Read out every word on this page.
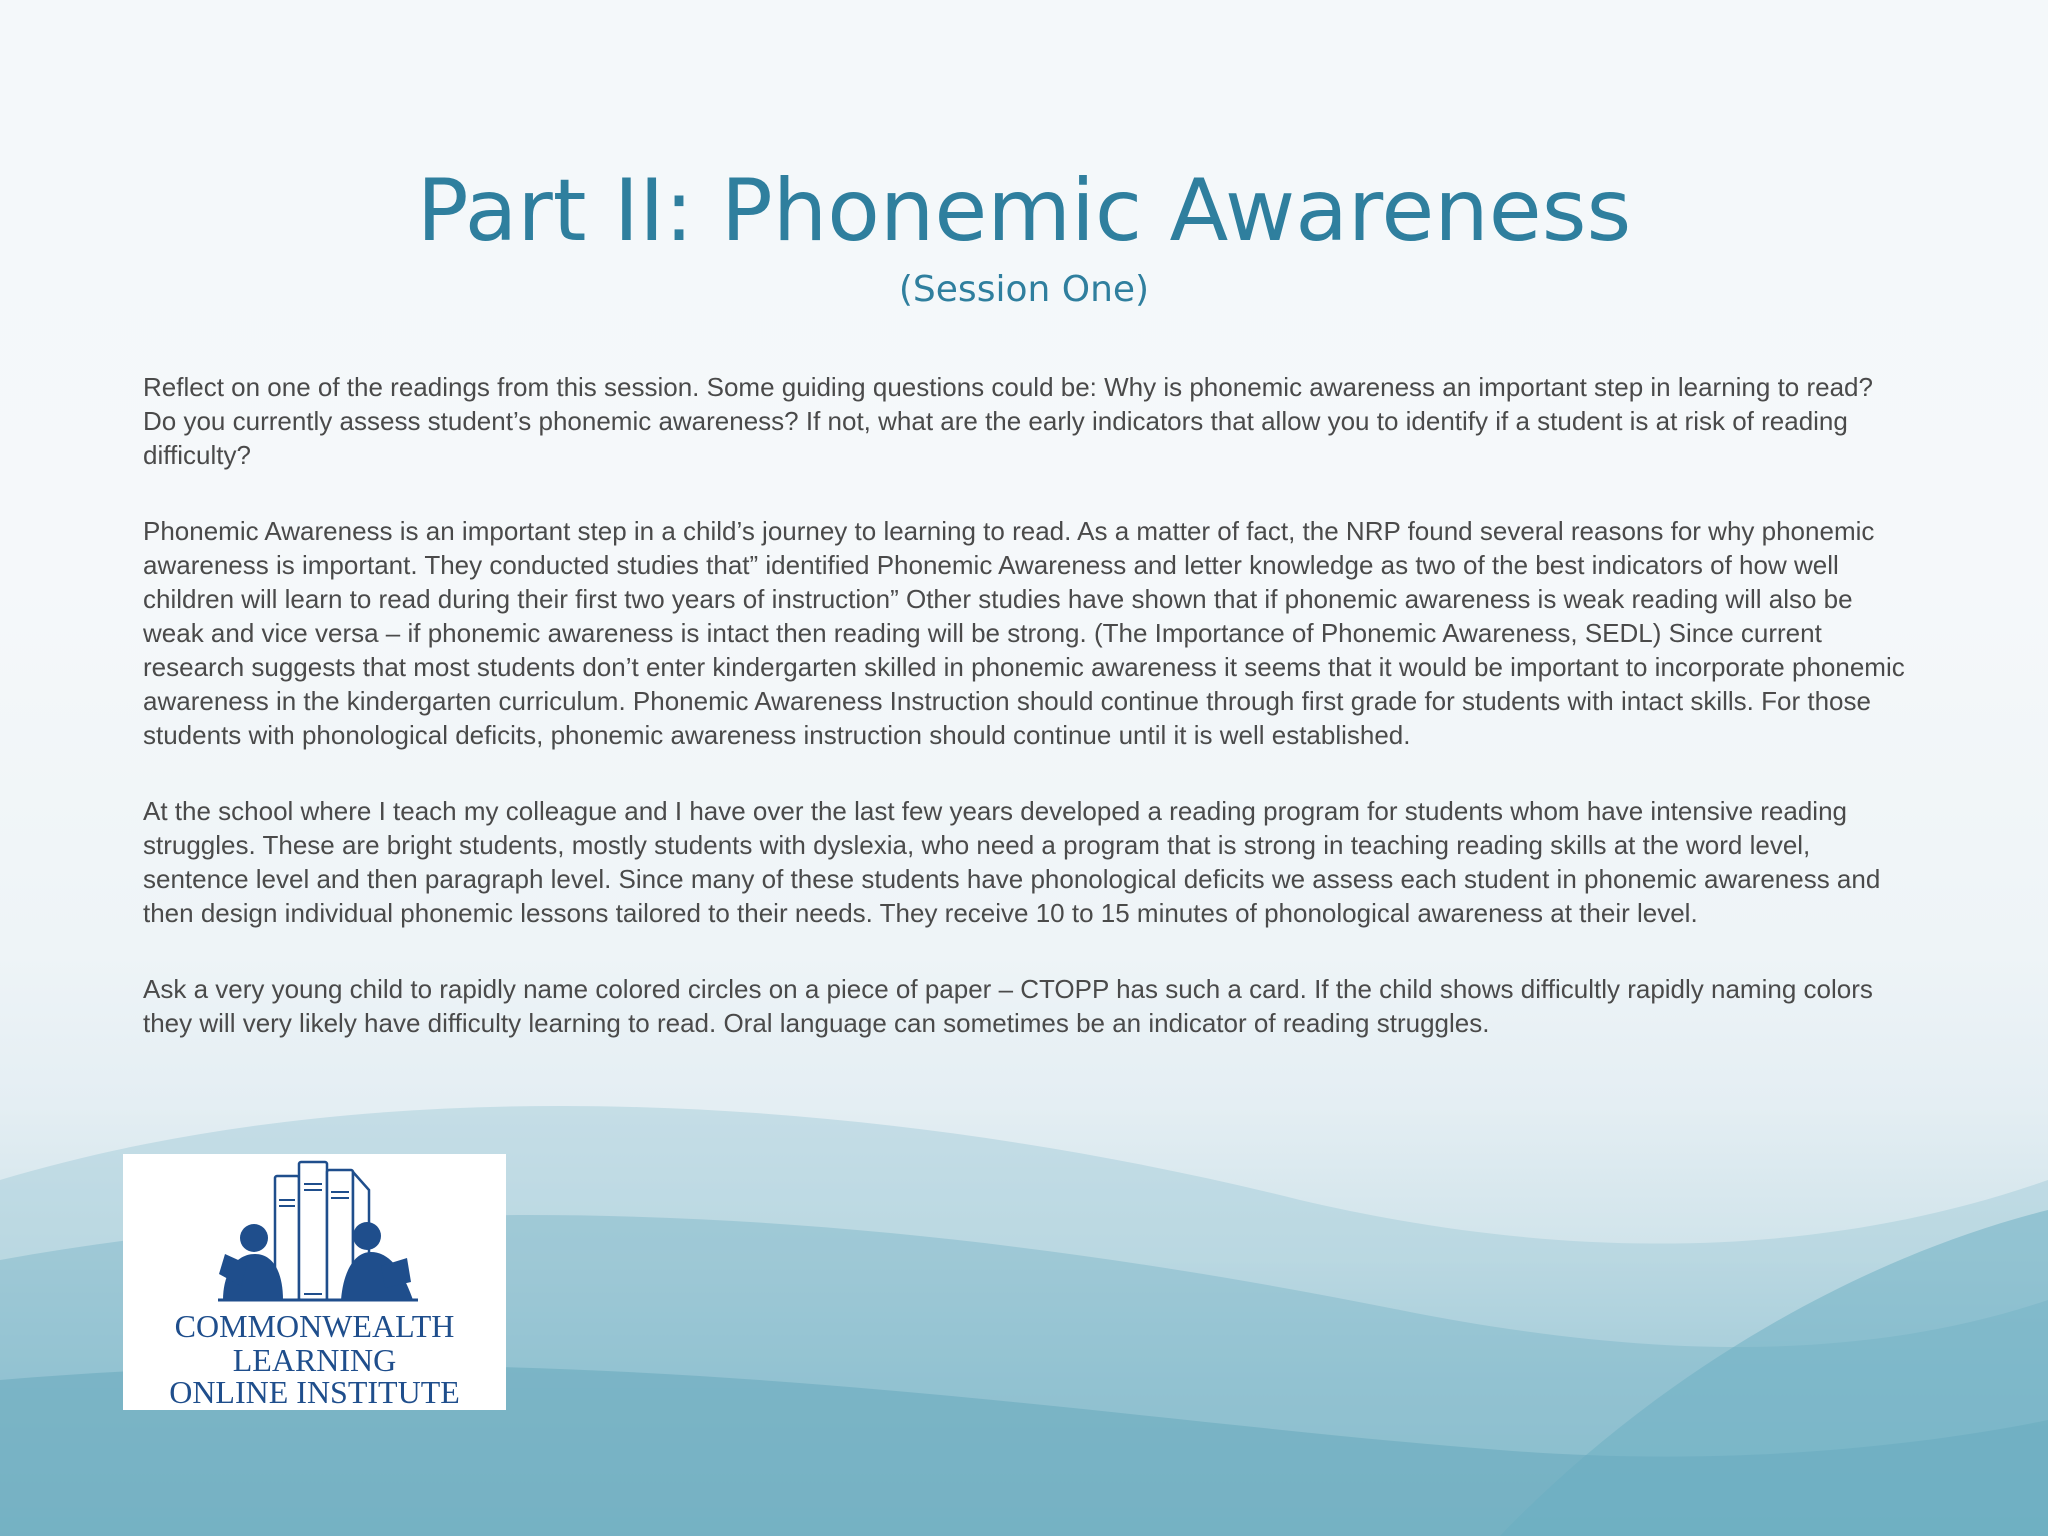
Part II: Phonemic Awareness
(Session One)

Reflect on one of the readings from this session. Some guiding questions could be: Why is phonemic awareness an important step in learning to read? Do you currently assess student’s phonemic awareness? If not, what are the early indicators that allow you to identify if a student is at risk of reading difficulty?

Phonemic Awareness is an important step in a child’s journey to learning to read. As a matter of fact, the NRP found several reasons for why phonemic awareness is important. They conducted studies that” identified Phonemic Awareness and letter knowledge as two of the best indicators of how well children will learn to read during their first two years of instruction” Other studies have shown that if phonemic awareness is weak reading will also be weak and vice versa – if phonemic awareness is intact then reading will be strong. (The Importance of Phonemic Awareness, SEDL) Since current research suggests that most students don’t enter kindergarten skilled in phonemic awareness it seems that it would be important to incorporate phonemic awareness in the kindergarten curriculum. Phonemic Awareness Instruction should continue through first grade for students with intact skills. For those students with phonological deficits, phonemic awareness instruction should continue until it is well established.

At the school where I teach my colleague and I have over the last few years developed a reading program for students whom have intensive reading struggles. These are bright students, mostly students with dyslexia, who need a program that is strong in teaching reading skills at the word level, sentence level and then paragraph level. Since many of these students have phonological deficits we assess each student in phonemic awareness and then design individual phonemic lessons tailored to their needs. They receive 10 to 15 minutes of phonological awareness at their level.

Ask a very young child to rapidly name colored circles on a piece of paper – CTOPP has such a card. If the child shows difficultly rapidly naming colors they will very likely have difficulty learning to read. Oral language can sometimes be an indicator of reading struggles.

COMMONWEALTH
LEARNING
ONLINE INSTITUTE
